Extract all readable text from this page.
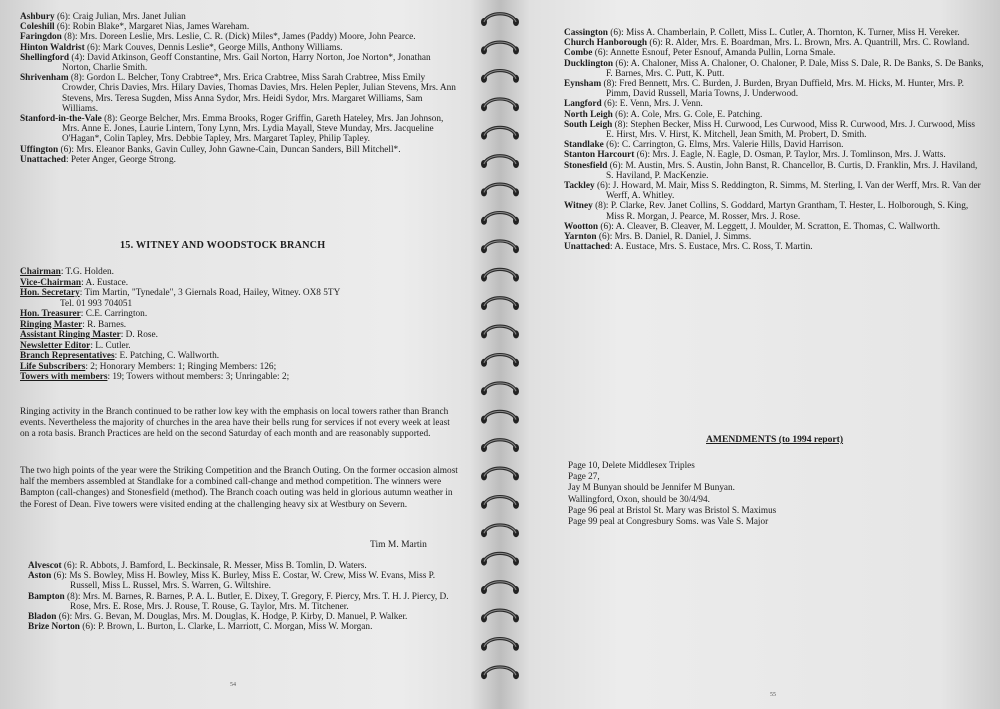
Ashbury (6): Craig Julian, Mrs. Janet Julian

Coleshill (6): Robin Blake*, Margaret Nias, James Wareham.

Faringdon (8): Mrs. Doreen Leslie, Mrs. Leslie, C. R. (Dick) Miles*, James (Paddy) Moore, John Pearce.

Hinton Waldrist (6): Mark Couves, Dennis Leslie*, George Mills, Anthony Williams.

Shellingford (4): David Atkinson, Geoff Constantine, Mrs. Gail Norton, Harry Norton, Joe Norton*, Jonathan Norton, Charlie Smith.

Shrivenham (8): Gordon L. Belcher, Tony Crabtree*, Mrs. Erica Crabtree, Miss Sarah Crabtree, Miss Emily Crowder, Chris Davies, Mrs. Hilary Davies, Thomas Davies, Mrs. Helen Pepler, Julian Stevens, Mrs. Ann Stevens, Mrs. Teresa Sugden, Miss Anna Sydor, Mrs. Heidi Sydor, Mrs. Margaret Williams, Sam Williams.

Stanford-in-the-Vale (8): George Belcher, Mrs. Emma Brooks, Roger Griffin, Gareth Hateley, Mrs. Jan Johnson, Mrs. Anne E. Jones, Laurie Lintern, Tony Lynn, Mrs. Lydia Mayall, Steve Munday, Mrs. Jacqueline O'Hagan*, Colin Tapley, Mrs. Debbie Tapley, Mrs. Margaret Tapley, Philip Tapley.

Uffington (6): Mrs. Eleanor Banks, Gavin Culley, John Gawne-Cain, Duncan Sanders, Bill Mitchell*.

Unattached: Peter Anger, George Strong.

15. WITNEY AND WOODSTOCK BRANCH

Chairman: T.G. Holden.

Vice-Chairman: A. Eustace.

Hon. Secretary: Tim Martin, "Tynedale", 3 Giernals Road, Hailey, Witney. OX8 5TY

Tel. 01 993 704051

Hon. Treasurer: C.E. Carrington.

Ringing Master: R. Barnes.

Assistant Ringing Master: D. Rose.

Newsletter Editor: L. Cutler.

Branch Representatives: E. Patching, C. Wallworth.

Life Subscribers: 2; Honorary Members: 1; Ringing Members: 126;

Towers with members: 19; Towers without members: 3; Unringable: 2;

Ringing activity in the Branch continued to be rather low key with the emphasis on local towers rather than Branch events. Nevertheless the majority of churches in the area have their bells rung for services if not every week at least on a rota basis. Branch Practices are held on the second Saturday of each month and are reasonably supported.

The two high points of the year were the Striking Competition and the Branch Outing. On the former occasion almost half the members assembled at Standlake for a combined call-change and method competition. The winners were Bampton (call-changes) and Stonesfield (method). The Branch coach outing was held in glorious autumn weather in the Forest of Dean. Five towers were visited ending at the challenging heavy six at Westbury on Severn.

Tim M. Martin

Alvescot (6): R. Abbots, J. Bamford, L. Beckinsale, R. Messer, Miss B. Tomlin, D. Waters.

Aston (6): Ms S. Bowley, Miss H. Bowley, Miss K. Burley, Miss E. Costar, W. Crew, Miss W. Evans, Miss P. Russell, Miss L. Russel, Mrs. S. Warren, G. Wiltshire.

Bampton (8): Mrs. M. Barnes, R. Barnes, P. A. L. Butler, E. Dixey, T. Gregory, F. Piercy, Mrs. T. H. J. Piercy, D. Rose, Mrs. E. Rose, Mrs. J. Rouse, T. Rouse, G. Taylor, Mrs. M. Titchener.

Bladon (6): Mrs. G. Bevan, M. Douglas, Mrs. M. Douglas, K. Hodge, P. Kirby, D. Manuel, P. Walker.

Brize Norton (6): P. Brown, L. Burton, L. Clarke, L. Marriott, C. Morgan, Miss W. Morgan.

54

Cassington (6): Miss A. Chamberlain, P. Collett, Miss L. Cutler, A. Thornton, K. Turner, Miss H. Vereker.

Church Hanborough (6): R. Alder, Mrs. E. Boardman, Mrs. L. Brown, Mrs. A. Quantrill, Mrs. C. Rowland.

Combe (6): Annette Esnouf, Peter Esnouf, Amanda Pullin, Lorna Smale.

Ducklington (6): A. Chaloner, Miss A. Chaloner, O. Chaloner, P. Dale, Miss S. Dale, R. De Banks, S. De Banks, F. Barnes, Mrs. C. Putt, K. Putt.

Eynsham (8): Fred Bennett, Mrs. C. Burden, J. Burden, Bryan Duffield, Mrs. M. Hicks, M. Hunter, Mrs. P. Pimm, David Russell, Maria Towns, J. Underwood.

Langford (6): E. Venn, Mrs. J. Venn.

North Leigh (6): A. Cole, Mrs. G. Cole, E. Patching.

South Leigh (8): Stephen Becker, Miss H. Curwood, Les Curwood, Miss R. Curwood, Mrs. J. Curwood, Miss E. Hirst, Mrs. V. Hirst, K. Mitchell, Jean Smith, M. Probert, D. Smith.

Standlake (6): C. Carrington, G. Elms, Mrs. Valerie Hills, David Harrison.

Stanton Harcourt (6): Mrs. J. Eagle, N. Eagle, D. Osman, P. Taylor, Mrs. J. Tomlinson, Mrs. J. Watts.

Stonesfield (6): M. Austin, Mrs. S. Austin, John Banst, R. Chancellor, B. Curtis, D. Franklin, Mrs. J. Haviland, S. Haviland, P. MacKenzie.

Tackley (6): J. Howard, M. Mair, Miss S. Reddington, R. Simms, M. Sterling, I. Van der Werff, Mrs. R. Van der Werff, A. Whitley.

Witney (8): P. Clarke, Rev. Janet Collins, S. Goddard, Martyn Grantham, T. Hester, L. Holborough, S. King, Miss R. Morgan, J. Pearce, M. Rosser, Mrs. J. Rose.

Wootton (6): A. Cleaver, B. Cleaver, M. Leggett, J. Moulder, M. Scratton, E. Thomas, C. Wallworth.

Yarnton (6): Mrs. B. Daniel, R. Daniel, J. Simms.

Unattached: A. Eustace, Mrs. S. Eustace, Mrs. C. Ross, T. Martin.

AMENDMENTS (to 1994 report)

Page 10, Delete Middlesex Triples

Page 27,

Jay M Bunyan should be Jennifer M Bunyan.

Wallingford, Oxon, should be 30/4/94.

Page 96 peal at Bristol St. Mary was Bristol S. Maximus

Page 99 peal at Congresbury Soms. was Vale S. Major

55
